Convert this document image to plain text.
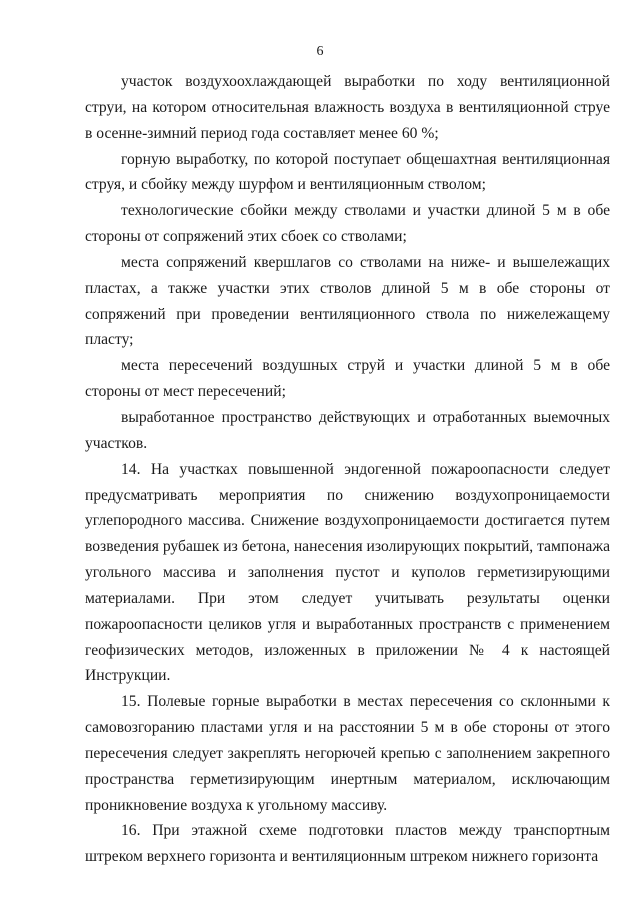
6

участок воздухоохлаждающей выработки по ходу вентиляционной струи, на котором относительная влажность воздуха в вентиляционной струе в осенне-зимний период года составляет менее 60 %;

горную выработку, по которой поступает общешахтная вентиляционная струя, и сбойку между шурфом и вентиляционным стволом;

технологические сбойки между стволами и участки длиной 5 м в обе стороны от сопряжений этих сбоек со стволами;

места сопряжений квершлагов со стволами на ниже- и вышележащих пластах, а также участки этих стволов длиной 5 м в обе стороны от сопряжений при проведении вентиляционного ствола по нижележащему пласту;

места пересечений воздушных струй и участки длиной 5 м в обе стороны от мест пересечений;

выработанное пространство действующих и отработанных выемочных участков.

14. На участках повышенной эндогенной пожароопасности следует предусматривать мероприятия по снижению воздухопроницаемости углепородного массива. Снижение воздухопроницаемости достигается путем возведения рубашек из бетона, нанесения изолирующих покрытий, тампонажа угольного массива и заполнения пустот и куполов герметизирующими материалами. При этом следует учитывать результаты оценки пожароопасности целиков угля и выработанных пространств с применением геофизических методов, изложенных в приложении № 4 к настоящей Инструкции.

15. Полевые горные выработки в местах пересечения со склонными к самовозгоранию пластами угля и на расстоянии 5 м в обе стороны от этого пересечения следует закреплять негорючей крепью с заполнением закрепного пространства герметизирующим инертным материалом, исключающим проникновение воздуха к угольному массиву.

16. При этажной схеме подготовки пластов между транспортным штреком верхнего горизонта и вентиляционным штреком нижнего горизонта
